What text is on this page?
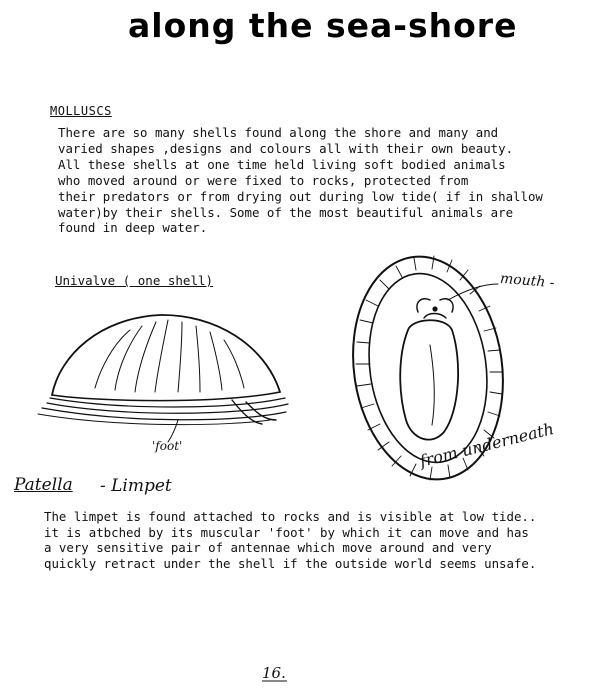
along the sea-shore
MOLLUSCS

There are so many shells found along the shore and many and
varied shapes ,designs and colours all with their own beauty.
All these shells at one time held living soft bodied animals
who moved around or were fixed to rocks, protected from
their predators or from drying out during low tide( if in shallow
water)by their shells. Some of the most beautiful animals are
found in deep water.

Univalve ( one shell)	mouth -
'foot'	from underneath
Patella - Limpet

The limpet is found attached to rocks and is visible at low tide..
it is atbched by its muscular 'foot' by which it can move and has
a very sensitive pair of antennae which move around and very
quickly retract under the shell if the outside world seems unsafe.

16.
